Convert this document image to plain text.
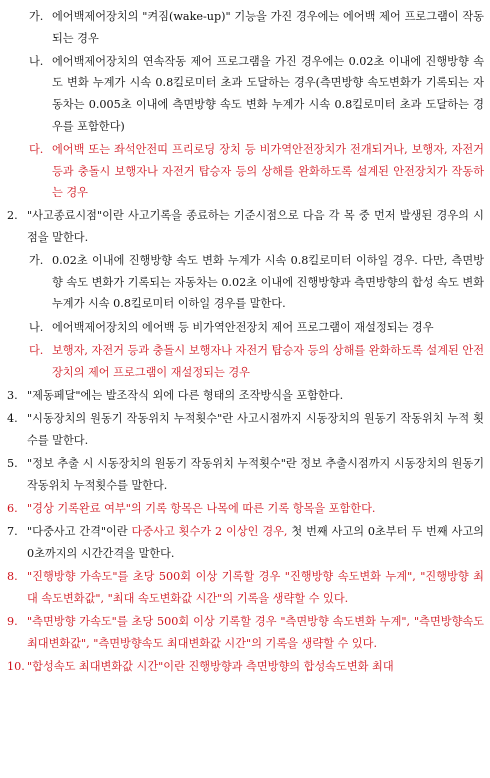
가. 에어백제어장치의 "켜짐(wake-up)" 기능을 가진 경우에는 에어백 제어 프로그램이 작동되는 경우
나. 에어백제어장치의 연속작동 제어 프로그램을 가진 경우에는 0.02초 이내에 진행방향 속도 변화 누계가 시속 0.8킬로미터 초과 도달하는 경우(측면방향 속도변화가 기록되는 자동차는 0.005초 이내에 측면방향 속도 변화 누계가 시속 0.8킬로미터 초과 도달하는 경우를 포함한다)
다. 에어백 또는 좌석안전띠 프리로딩 장치 등 비가역안전장치가 전개되거나, 보행자, 자전거 등과 충돌시 보행자나 자전거 탑승자 등의 상해를 완화하도록 설계된 안전장치가 작동하는 경우
2. "사고종료시점"이란 사고기록을 종료하는 기준시점으로 다음 각 목 중 먼저 발생된 경우의 시점을 말한다.
가. 0.02초 이내에 진행방향 속도 변화 누계가 시속 0.8킬로미터 이하일 경우. 다만, 측면방향 속도 변화가 기록되는 자동차는 0.02초 이내에 진행방향과 측면방향의 합성 속도 변화 누계가 시속 0.8킬로미터 이하일 경우를 말한다.
나. 에어백제어장치의 에어백 등 비가역안전장치 제어 프로그램이 재설정되는 경우
다. 보행자, 자전거 등과 충돌시 보행자나 자전거 탑승자 등의 상해를 완화하도록 설계된 안전장치의 제어 프로그램이 재설정되는 경우
3. "제동페달"에는 발조작식 외에 다른 형태의 조작방식을 포함한다.
4. "시동장치의 원동기 작동위치 누적횟수"란 사고시점까지 시동장치의 원동기 작동위치 누적 횟수를 말한다.
5. "정보 추출 시 시동장치의 원동기 작동위치 누적횟수"란 정보 추출시점까지 시동장치의 원동기 작동위치 누적횟수를 말한다.
6. "경상 기록완료 여부"의 기록 항목은 나목에 따른 기록 항목을 포함한다.
7. "다중사고 간격"이란 다중사고 횟수가 2 이상인 경우, 첫 번째 사고의 0초부터 두 번째 사고의 0초까지의 시간간격을 말한다.
8. "진행방향 가속도"를 초당 500회 이상 기록할 경우 "진행방향 속도변화 누계", "진행방향 최대 속도변화값", "최대 속도변화값 시간"의 기록을 생략할 수 있다.
9. "측면방향 가속도"를 초당 500회 이상 기록할 경우 "측면방향 속도변화 누계", "측면방향속도 최대변화값", "측면방향속도 최대변화값 시간"의 기록을 생략할 수 있다.
10. "합성속도 최대변화값 시간"이란 진행방향과 측면방향의 합성속도변화 최대
